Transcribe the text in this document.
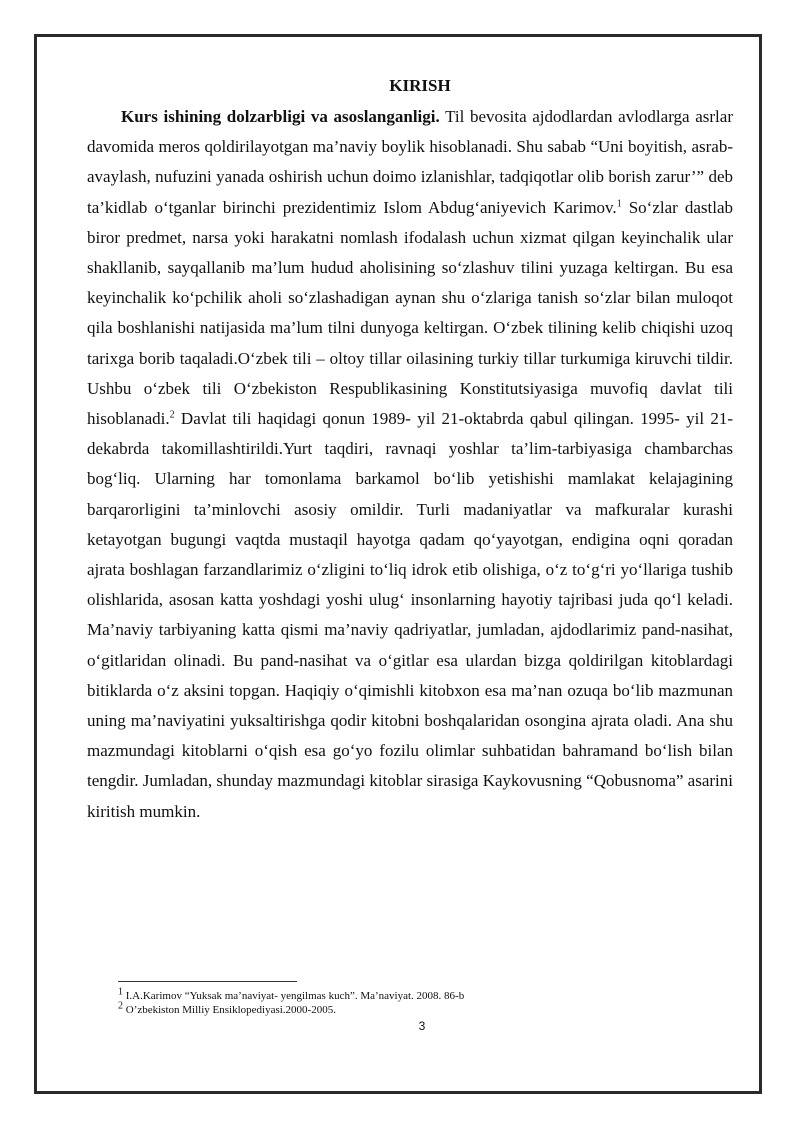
KIRISH

Kurs ishining dolzarbligi va asoslanganligi. Til bevosita ajdodlardan avlodlarga asrlar davomida meros qoldirilayotgan ma’naviy boylik hisoblanadi. Shu sabab “Uni boyitish, asrab-avaylash, nufuzini yanada oshirish uchun doimo izlanishlar, tadqiqotlar olib borish zarur’” deb ta’kidlab o‘tganlar birinchi prezidentimiz Islom Abdug‘aniyevich Karimov.$^1$ So‘zlar dastlab biror predmet, narsa yoki harakatni nomlash ifodalash uchun xizmat qilgan keyinchalik ular shakllanib, sayqallanib ma’lum hudud aholisining so‘zlashuv tilini yuzaga keltirgan. Bu esa keyinchalik ko‘pchilik aholi so‘zlashadigan aynan shu o‘zlariga tanish so‘zlar bilan muloqot qila boshlanishi natijasida ma’lum tilni dunyoga keltirgan. O‘zbek tilining kelib chiqishi uzoq tarixga borib taqaladi.O‘zbek tili – oltoy tillar oilasining turkiy tillar turkumiga kiruvchi tildir. Ushbu o‘zbek tili O‘zbekiston Respublikasining Konstitutsiyasiga muvofiq davlat tili hisoblanadi.$^2$ Davlat tili haqidagi qonun 1989- yil 21-oktabrda qabul qilingan. 1995- yil 21- dekabrda takomillashtirildi.Yurt taqdiri, ravnaqi yoshlar ta’lim-tarbiyasiga chambarchas bog‘liq. Ularning har tomonlama barkamol bo‘lib yetishishi mamlakat kelajagining barqarorligini ta’minlovchi asosiy omildir. Turli madaniyatlar va mafkuralar kurashi ketayotgan bugungi vaqtda mustaqil hayotga qadam qo‘yayotgan, endigina oqni qoradan ajrata boshlagan farzandlarimiz o‘zligini to‘liq idrok etib olishiga, o‘z to‘g‘ri yo‘llariga tushib olishlarida, asosan katta yoshdagi yoshi ulug‘ insonlarning hayotiy tajribasi juda qo‘l keladi. Ma’naviy tarbiyaning katta qismi ma’naviy qadriyatlar, jumladan, ajdodlarimiz pand-nasihat, o‘gitlaridan olinadi. Bu pand-nasihat va o‘gitlar esa ulardan bizga qoldirilgan kitoblardagi bitiklarda o‘z aksini topgan. Haqiqiy o‘qimishli kitobxon esa ma’nan ozuqa bo‘lib mazmunan uning ma’naviyatini yuksaltirishga qodir kitobni boshqalaridan osongina ajrata oladi. Ana shu mazmundagi kitoblarni o‘qish esa go‘yo fozilu olimlar suhbatidan bahramand bo‘lish bilan tengdir. Jumladan, shunday mazmundagi kitoblar sirasiga Kaykovusning “Qobusnoma” asarini kiritish mumkin.

$^1$ I.A.Karimov “Yuksak ma’naviyat- yengilmas kuch”. Ma’naviyat. 2008. 86-b

$^2$ O’zbekiston Milliy Ensiklopediyasi.2000-2005.

3
